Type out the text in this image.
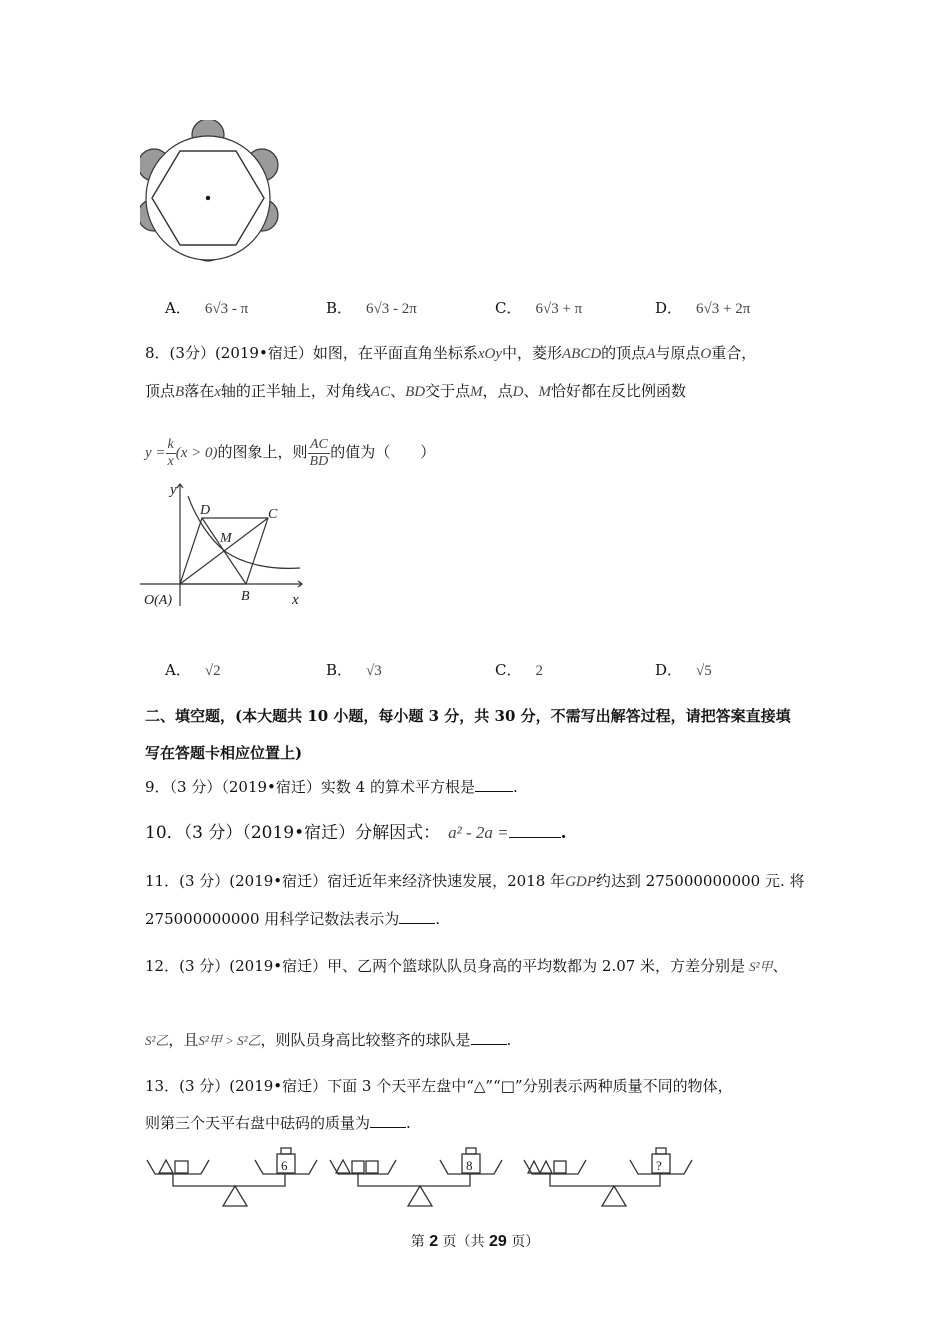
A． 6√3 - π	B． 6√3 - 2π	C． 6√3 + π	D． 6√3 + 2π
8．(3分）(2019•宿迁）如图，在平面直角坐标系xOy中，菱形ABCD的顶点A与原点O重合，
顶点B落在x轴的正半轴上，对角线AC、BD交于点M，点D、M恰好都在反比例函数
$y = \frac{k}{x} (x > 0)$的图象上，则 $\frac{AC}{BD}$ 的值为（　　）
y
x
D	C
M
B
O(A)
A． √2	B． √3	C． 2	D． √5
二、填空题，(本大题共 10 小题，每小题 3 分，共 30 分，不需写出解答过程，请把答案直接填
写在答题卡相应位置上)
9．（3 分）（2019•宿迁）实数 4 的算术平方根是	.
10．（3 分）（2019•宿迁）分解因式： a² - 2a =	.
11．(3 分）(2019•宿迁）宿迁近年来经济快速发展，2018 年GDP约达到 275000000000 元. 将
275000000000 用科学记数法表示为 .
12．(3 分）(2019•宿迁）甲、乙两个篮球队队员身高的平均数都为 2.07 米，方差分别是 S²甲、
S²乙，且S²甲 > S²乙，则队员身高比较整齐的球队是 .
13．(3 分）(2019•宿迁）下面 3 个天平左盘中“△”“□”分别表示两种质量不同的物体，
则第三个天平右盘中砝码的质量为 .
6	8	?
第 2 页（共 29 页）
